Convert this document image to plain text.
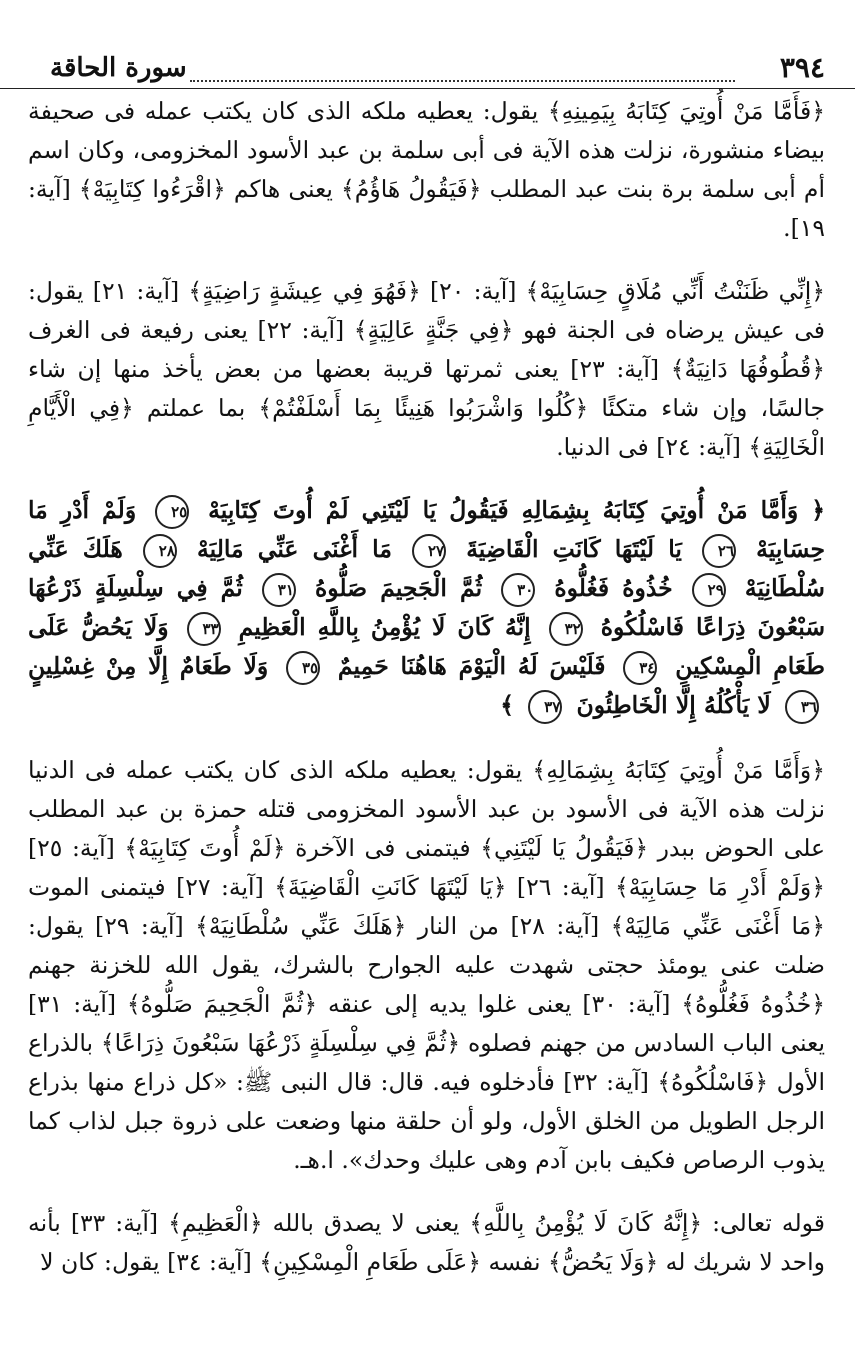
٣٩٤
سورة الحاقة

﴿فَأَمَّا مَنْ أُوتِيَ كِتَابَهُ بِيَمِينِهِ﴾ يقول: يعطيه ملكه الذى كان يكتب عمله فى صحيفة بيضاء منشورة، نزلت هذه الآية فى أبى سلمة بن عبد الأسود المخزومى، وكان اسم أم أبى سلمة برة بنت عبد المطلب ﴿فَيَقُولُ هَاؤُمُ﴾ يعنى هاكم ﴿اقْرَءُوا كِتَابِيَهْ﴾ [آية: ١٩].

﴿إِنِّي ظَنَنْتُ أَنِّي مُلَاقٍ حِسَابِيَهْ﴾ [آية: ٢٠] ﴿فَهُوَ فِي عِيشَةٍ رَاضِيَةٍ﴾ [آية: ٢١] يقول: فى عيش يرضاه فى الجنة فهو ﴿فِي جَنَّةٍ عَالِيَةٍ﴾ [آية: ٢٢] يعنى رفيعة فى الغرف ﴿قُطُوفُهَا دَانِيَةٌ﴾ [آية: ٢٣] يعنى ثمرتها قريبة بعضها من بعض يأخذ منها إن شاء جالسًا، وإن شاء متكئًا ﴿كُلُوا وَاشْرَبُوا هَنِيئًا بِمَا أَسْلَفْتُمْ﴾ بما عملتم ﴿فِي الْأَيَّامِ الْخَالِيَةِ﴾ [آية: ٢٤] فى الدنيا.

﴿ وَأَمَّا مَنْ أُوتِيَ كِتَابَهُ بِشِمَالِهِ فَيَقُولُ يَا لَيْتَنِي لَمْ أُوتَ كِتَابِيَهْ ٢٥ وَلَمْ أَدْرِ مَا حِسَابِيَهْ ٢٦ يَا لَيْتَهَا كَانَتِ الْقَاضِيَةَ ٢٧ مَا أَغْنَى عَنِّي مَالِيَهْ ٢٨ هَلَكَ عَنِّي سُلْطَانِيَهْ ٢٩ خُذُوهُ فَغُلُّوهُ ٣٠ ثُمَّ الْجَحِيمَ صَلُّوهُ ٣١ ثُمَّ فِي سِلْسِلَةٍ ذَرْعُهَا سَبْعُونَ ذِرَاعًا فَاسْلُكُوهُ ٣٢ إِنَّهُ كَانَ لَا يُؤْمِنُ بِاللَّهِ الْعَظِيمِ ٣٣ وَلَا يَحُضُّ عَلَى طَعَامِ الْمِسْكِينِ ٣٤ فَلَيْسَ لَهُ الْيَوْمَ هَاهُنَا حَمِيمٌ ٣٥ وَلَا طَعَامٌ إِلَّا مِنْ غِسْلِينٍ ٣٦ لَا يَأْكُلُهُ إِلَّا الْخَاطِئُونَ ٣٧ ﴾

﴿وَأَمَّا مَنْ أُوتِيَ كِتَابَهُ بِشِمَالِهِ﴾ يقول: يعطيه ملكه الذى كان يكتب عمله فى الدنيا نزلت هذه الآية فى الأسود بن عبد الأسود المخزومى قتله حمزة بن عبد المطلب على الحوض ببدر ﴿فَيَقُولُ يَا لَيْتَنِي﴾ فيتمنى فى الآخرة ﴿لَمْ أُوتَ كِتَابِيَهْ﴾ [آية: ٢٥] ﴿وَلَمْ أَدْرِ مَا حِسَابِيَهْ﴾ [آية: ٢٦] ﴿يَا لَيْتَهَا كَانَتِ الْقَاضِيَةَ﴾ [آية: ٢٧] فيتمنى الموت ﴿مَا أَغْنَى عَنِّي مَالِيَهْ﴾ [آية: ٢٨] من النار ﴿هَلَكَ عَنِّي سُلْطَانِيَهْ﴾ [آية: ٢٩] يقول: ضلت عنى يومئذ حجتى شهدت عليه الجوارح بالشرك، يقول الله للخزنة جهنم ﴿خُذُوهُ فَغُلُّوهُ﴾ [آية: ٣٠] يعنى غلوا يديه إلى عنقه ﴿ثُمَّ الْجَحِيمَ صَلُّوهُ﴾ [آية: ٣١] يعنى الباب السادس من جهنم فصلوه ﴿ثُمَّ فِي سِلْسِلَةٍ ذَرْعُهَا سَبْعُونَ ذِرَاعًا﴾ بالذراع الأول ﴿فَاسْلُكُوهُ﴾ [آية: ٣٢] فأدخلوه فيه. قال: قال النبى ﷺ: «كل ذراع منها بذراع الرجل الطويل من الخلق الأول، ولو أن حلقة منها وضعت على ذروة جبل لذاب كما يذوب الرصاص فكيف بابن آدم وهى عليك وحدك». ا.هـ.

قوله تعالى: ﴿إِنَّهُ كَانَ لَا يُؤْمِنُ بِاللَّهِ﴾ يعنى لا يصدق بالله ﴿الْعَظِيمِ﴾ [آية: ٣٣] بأنه واحد لا شريك له ﴿وَلَا يَحُضُّ﴾ نفسه ﴿عَلَى طَعَامِ الْمِسْكِينِ﴾ [آية: ٣٤] يقول: كان لا
